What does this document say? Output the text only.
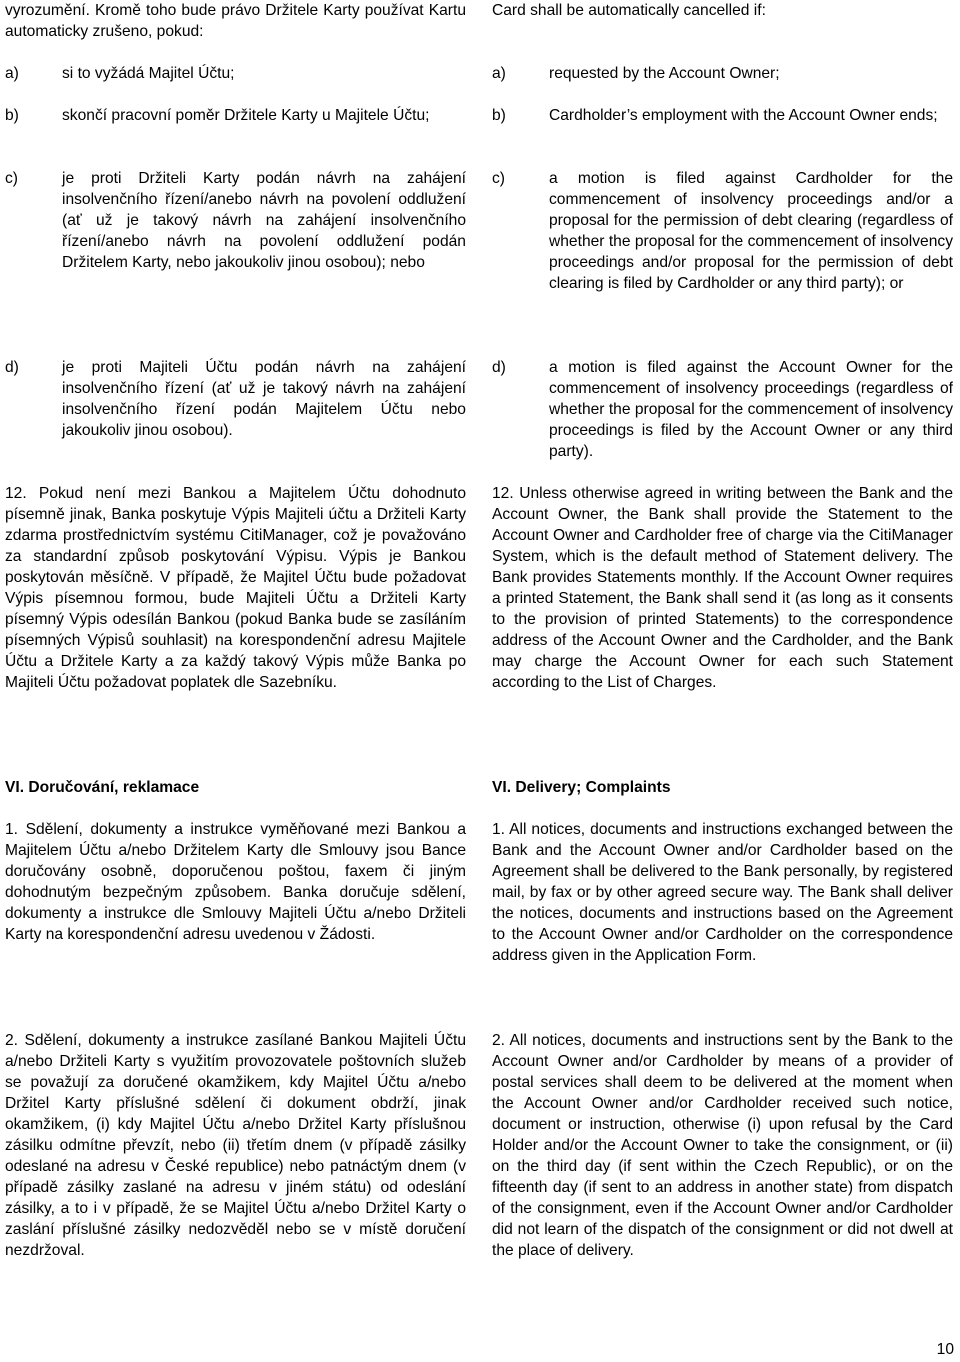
vyrozumění. Kromě toho bude právo Držitele Karty používat Kartu automaticky zrušeno, pokud:

a)	si to vyžádá Majitel Účtu;
b)	skončí pracovní poměr Držitele Karty u Majitele Účtu;
c)	je proti Držiteli Karty podán návrh na zahájení insolvenčního řízení/anebo návrh na povolení oddlužení (ať už je takový návrh na zahájení insolvenčního řízení/anebo návrh na povolení oddlužení podán Držitelem Karty, nebo jakoukoliv jinou osobou); nebo
d)	je proti Majiteli Účtu podán návrh na zahájení insolvenčního řízení (ať už je takový návrh na zahájení insolvenčního řízení podán Majitelem Účtu nebo jakoukoliv jinou osobou).

12. Pokud není mezi Bankou a Majitelem Účtu dohodnuto písemně jinak, Banka poskytuje Výpis Majiteli účtu a Držiteli Karty zdarma prostřednictvím systému CitiManager, což je považováno za standardní způsob poskytování Výpisu. Výpis je Bankou poskytován měsíčně. V případě, že Majitel Účtu bude požadovat Výpis písemnou formou, bude Majiteli Účtu a Držiteli Karty písemný Výpis odesílán Bankou (pokud Banka bude se zasíláním písemných Výpisů souhlasit) na korespondenční adresu Majitele Účtu a Držitele Karty a za každý takový Výpis může Banka po Majiteli Účtu požadovat poplatek dle Sazebníku.

VI. Doručování, reklamace

1. Sdělení, dokumenty a instrukce vyměňované mezi Bankou a Majitelem Účtu a/nebo Držitelem Karty dle Smlouvy jsou Bance doručovány osobně, doporučenou poštou, faxem či jiným dohodnutým bezpečným způsobem. Banka doručuje sdělení, dokumenty a instrukce dle Smlouvy Majiteli Účtu a/nebo Držiteli Karty na korespondenční adresu uvedenou v Žádosti.

2. Sdělení, dokumenty a instrukce zasílané Bankou Majiteli Účtu a/nebo Držiteli Karty s využitím provozovatele poštovních služeb se považují za doručené okamžikem, kdy Majitel Účtu a/nebo Držitel Karty příslušné sdělení či dokument obdrží, jinak okamžikem, (i) kdy Majitel Účtu a/nebo Držitel Karty příslušnou zásilku odmítne převzít, nebo (ii) třetím dnem (v případě zásilky odeslané na adresu v České republice) nebo patnáctým dnem (v případě zásilky zaslané na adresu v jiném státu) od odeslání zásilky, a to i v případě, že se Majitel Účtu a/nebo Držitel Karty o zaslání příslušné zásilky nedozvěděl nebo se v místě doručení nezdržoval.

Card shall be automatically cancelled if:

a)	requested by the Account Owner;
b)	Cardholder’s employment with the Account Owner ends;
c)	a motion is filed against Cardholder for the commencement of insolvency proceedings and/or a proposal for the permission of debt clearing (regardless of whether the proposal for the commencement of insolvency proceedings and/or proposal for the permission of debt clearing is filed by Cardholder or any third party); or
d)	a motion is filed against the Account Owner for the commencement of insolvency proceedings (regardless of whether the proposal for the commencement of insolvency proceedings is filed by the Account Owner or any third party).

12. Unless otherwise agreed in writing between the Bank and the Account Owner, the Bank shall provide the Statement to the Account Owner and Cardholder free of charge via the CitiManager System, which is the default method of Statement delivery. The Bank provides Statements monthly. If the Account Owner requires a printed Statement, the Bank shall send it (as long as it consents to the provision of printed Statements) to the correspondence address of the Account Owner and the Cardholder, and the Bank may charge the Account Owner for each such Statement according to the List of Charges.

VI. Delivery; Complaints

1. All notices, documents and instructions exchanged between the Bank and the Account Owner and/or Cardholder based on the Agreement shall be delivered to the Bank personally, by registered mail, by fax or by other agreed secure way. The Bank shall deliver the notices, documents and instructions based on the Agreement to the Account Owner and/or Cardholder on the correspondence address given in the Application Form.

2. All notices, documents and instructions sent by the Bank to the Account Owner and/or Cardholder by means of a provider of postal services shall deem to be delivered at the moment when the Account Owner and/or Cardholder received such notice, document or instruction, otherwise (i) upon refusal by the Card Holder and/or the Account Owner to take the consignment, or (ii) on the third day (if sent within the Czech Republic), or on the fifteenth day (if sent to an address in another state) from dispatch of the consignment, even if the Account Owner and/or Cardholder did not learn of the dispatch of the consignment or did not dwell at the place of delivery.

10
